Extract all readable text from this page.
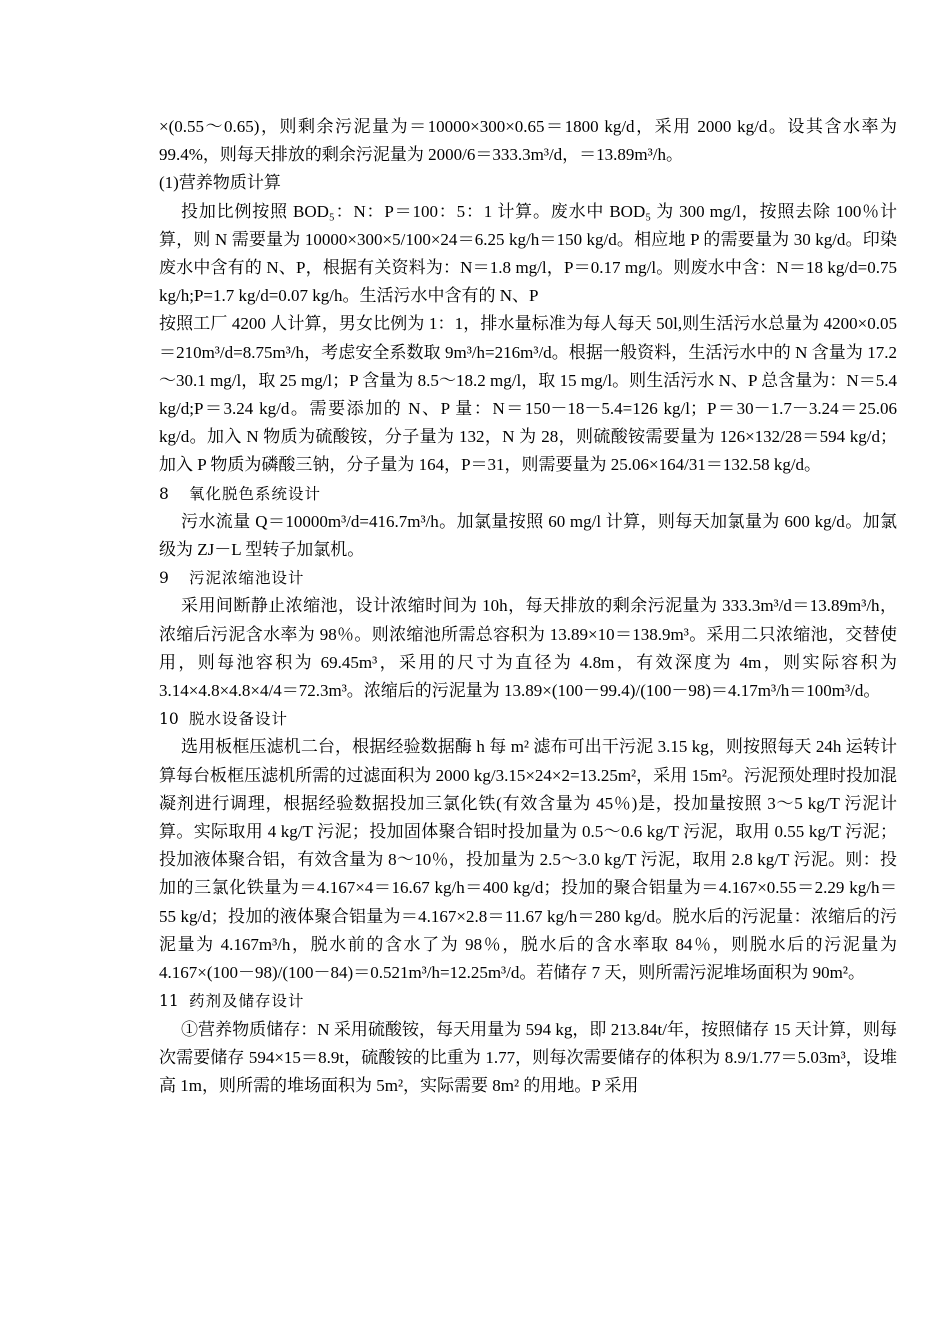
×(0.55～0.65)，则剩余污泥量为＝10000×300×0.65＝1800 kg/d，采用 2000 kg/d。设其含水率为 99.4%，则每天排放的剩余污泥量为 2000/6＝333.3m³/d，＝13.89m³/h。

(1)营养物质计算

投加比例按照 BOD₅：N：P＝100：5：1 计算。废水中 BOD₅ 为 300 mg/l，按照去除 100％计算，则 N 需要量为 10000×300×5/100×24＝6.25 kg/h＝150 kg/d。相应地 P 的需要量为 30 kg/d。印染废水中含有的 N、P，根据有关资料为：N＝1.8 mg/l，P＝0.17 mg/l。则废水中含：N＝18 kg/d=0.75 kg/h;P=1.7 kg/d=0.07 kg/h。生活污水中含有的 N、P

按照工厂 4200 人计算，男女比例为 1：1，排水量标准为每人每天 50l,则生活污水总量为 4200×0.05＝210m³/d=8.75m³/h，考虑安全系数取 9m³/h=216m³/d。根据一般资料，生活污水中的 N 含量为 17.2～30.1 mg/l，取 25 mg/l；P 含量为 8.5～18.2 mg/l，取 15 mg/l。则生活污水 N、P 总含量为：N＝5.4 kg/d;P＝3.24 kg/d。需要添加的 N、P 量：N＝150－18－5.4=126 kg/l；P＝30－1.7－3.24＝25.06 kg/d。加入 N 物质为硫酸铵，分子量为 132，N 为 28，则硫酸铵需要量为 126×132/28＝594 kg/d；加入 P 物质为磷酸三钠，分子量为 164，P＝31，则需要量为 25.06×164/31＝132.58 kg/d。

8 氧化脱色系统设计

污水流量 Q＝10000m³/d=416.7m³/h。加氯量按照 60 mg/l 计算，则每天加氯量为 600 kg/d。加氯级为 ZJ－L 型转子加氯机。

9 污泥浓缩池设计

采用间断静止浓缩池，设计浓缩时间为 10h，每天排放的剩余污泥量为 333.3m³/d＝13.89m³/h，浓缩后污泥含水率为 98％。则浓缩池所需总容积为 13.89×10＝138.9m³。采用二只浓缩池，交替使用，则每池容积为 69.45m³，采用的尺寸为直径为 4.8m，有效深度为 4m，则实际容积为 3.14×4.8×4.8×4/4＝72.3m³。浓缩后的污泥量为 13.89×(100－99.4)/(100－98)＝4.17m³/h＝100m³/d。

10 脱水设备设计

选用板框压滤机二台，根据经验数据酶 h 每 m² 滤布可出干污泥 3.15 kg，则按照每天 24h 运转计算每台板框压滤机所需的过滤面积为 2000 kg/3.15×24×2=13.25m²，采用 15m²。污泥预处理时投加混凝剂进行调理，根据经验数据投加三氯化铁(有效含量为 45％)是，投加量按照 3～5 kg/T 污泥计算。实际取用 4 kg/T 污泥；投加固体聚合铝时投加量为 0.5～0.6 kg/T 污泥，取用 0.55 kg/T 污泥；投加液体聚合铝，有效含量为 8～10％，投加量为 2.5～3.0 kg/T 污泥，取用 2.8 kg/T 污泥。则：投加的三氯化铁量为＝4.167×4＝16.67 kg/h＝400 kg/d；投加的聚合铝量为＝4.167×0.55＝2.29 kg/h＝55 kg/d；投加的液体聚合铝量为＝4.167×2.8＝11.67 kg/h＝280 kg/d。脱水后的污泥量：浓缩后的污泥量为 4.167m³/h，脱水前的含水了为 98％，脱水后的含水率取 84％，则脱水后的污泥量为 4.167×(100－98)/(100－84)＝0.521m³/h=12.25m³/d。若储存 7 天，则所需污泥堆场面积为 90m²。

11 药剂及储存设计

①营养物质储存：N 采用硫酸铵，每天用量为 594 kg，即 213.84t/年，按照储存 15 天计算，则每次需要储存 594×15＝8.9t，硫酸铵的比重为 1.77，则每次需要储存的体积为 8.9/1.77＝5.03m³，设堆高 1m，则所需的堆场面积为 5m²，实际需要 8m² 的用地。P 采用
